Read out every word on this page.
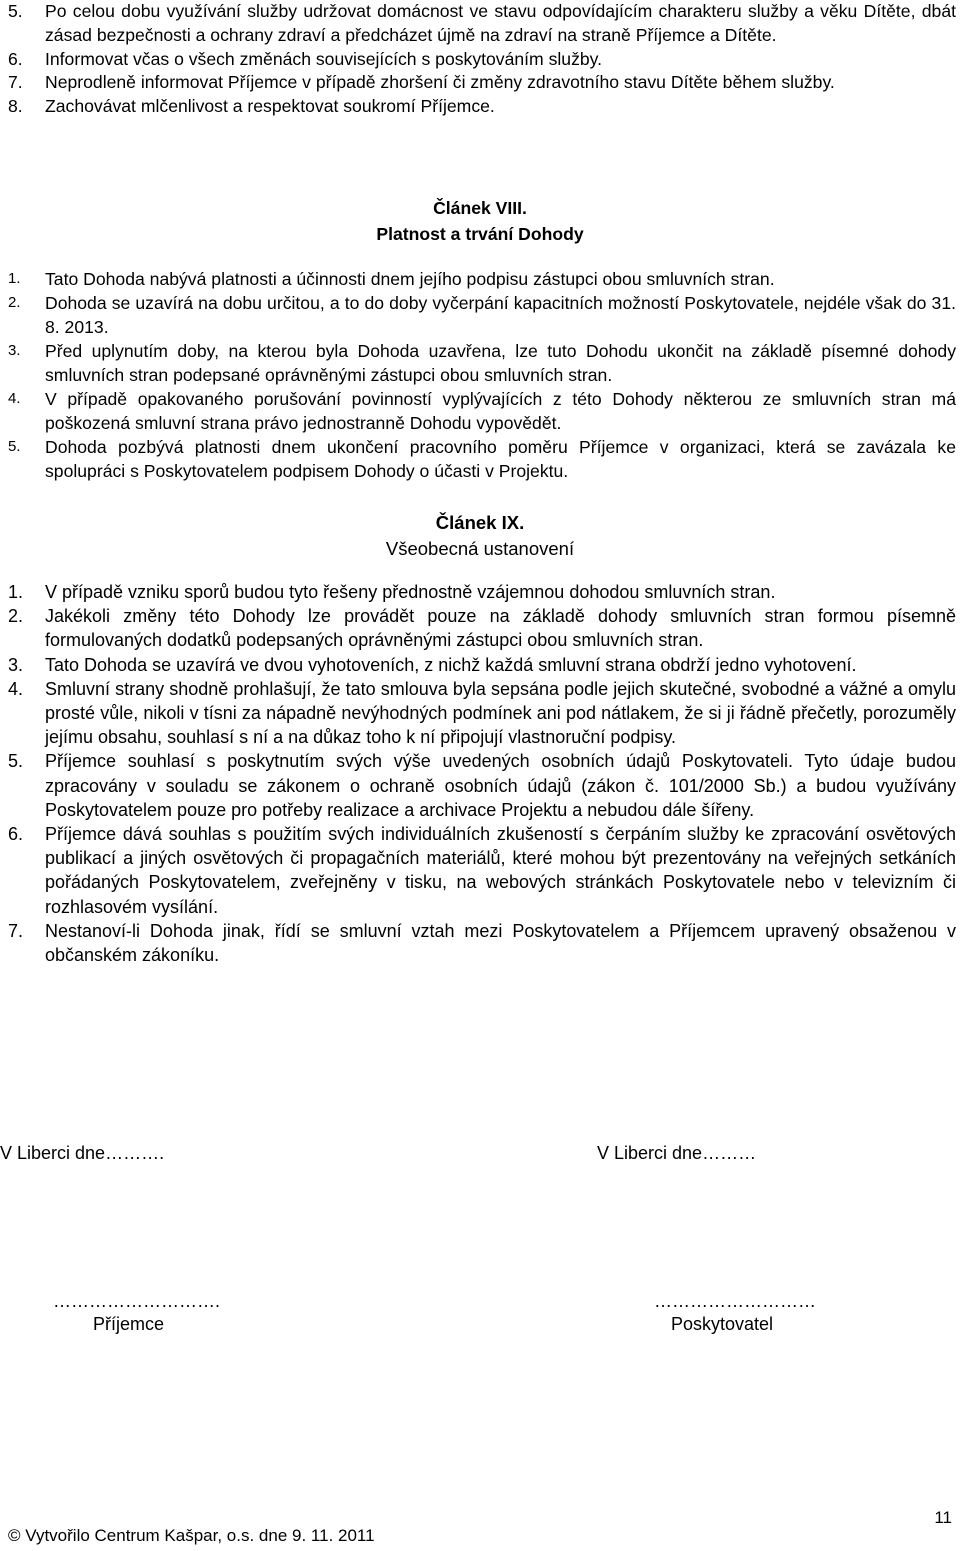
5. Po celou dobu využívání služby udržovat domácnost ve stavu odpovídajícím charakteru služby a věku Dítěte, dbát zásad bezpečnosti a ochrany zdraví a předcházet újmě na zdraví na straně Příjemce a Dítěte.
6. Informovat včas o všech změnách souvisejících s poskytováním služby.
7. Neprodleně informovat Příjemce v případě zhoršení či změny zdravotního stavu Dítěte během služby.
8. Zachovávat mlčenlivost a respektovat soukromí Příjemce.
Článek VIII.
Platnost a trvání Dohody
1. Tato Dohoda nabývá platnosti a účinnosti dnem jejího podpisu zástupci obou smluvních stran.
2. Dohoda se uzavírá na dobu určitou, a to do doby vyčerpání kapacitních možností Poskytovatele, nejdéle však do 31. 8. 2013.
3. Před uplynutím doby, na kterou byla Dohoda uzavřena, lze tuto Dohodu ukončit na základě písemné dohody smluvních stran podepsané oprávněnými zástupci obou smluvních stran.
4. V případě opakovaného porušování povinností vyplývajících z této Dohody některou ze smluvních stran má poškozená smluvní strana právo jednostranně Dohodu vypovědět.
5. Dohoda pozbývá platnosti dnem ukončení pracovního poměru Příjemce v organizaci, která se zavázala ke spolupráci s Poskytovatelem podpisem Dohody o účasti v Projektu.
Článek IX.
Všeobecná ustanovení
1. V případě vzniku sporů budou tyto řešeny přednostně vzájemnou dohodou smluvních stran.
2. Jakékoli změny této Dohody lze provádět pouze na základě dohody smluvních stran formou písemně formulovaných dodatků podepsaných oprávněnými zástupci obou smluvních stran.
3. Tato Dohoda se uzavírá ve dvou vyhotoveních, z nichž každá smluvní strana obdrží jedno vyhotovení.
4. Smluvní strany shodně prohlašují, že tato smlouva byla sepsána podle jejich skutečné, svobodné a vážné a omylu prosté vůle, nikoli v tísni za nápadně nevýhodných podmínek ani pod nátlakem, že si ji řádně přečetly, porozuměly jejímu obsahu, souhlasí s ní a na důkaz toho k ní připojují vlastnoruční podpisy.
5. Příjemce souhlasí s poskytnutím svých výše uvedených osobních údajů Poskytovateli. Tyto údaje budou zpracovány v souladu se zákonem o ochraně osobních údajů (zákon č. 101/2000 Sb.) a budou využívány Poskytovatelem pouze pro potřeby realizace a archivace Projektu a nebudou dále šířeny.
6. Příjemce dává souhlas s použitím svých individuálních zkušeností s čerpáním služby ke zpracování osvětových publikací a jiných osvětových či propagačních materiálů, které mohou být prezentovány na veřejných setkáních pořádaných Poskytovatelem, zveřejněny v tisku, na webových stránkách Poskytovatele nebo v televizním či rozhlasovém vysílání.
7. Nestanoví-li Dohoda jinak, řídí se smluvní vztah mezi Poskytovatelem a Příjemcem upravený obsaženou v občanském zákoníku.
V Liberci dne……….	V Liberci dne………
……………………….	………………………
Příjemce	Poskytovatel
11
© Vytvořilo Centrum Kašpar, o.s. dne 9. 11. 2011
